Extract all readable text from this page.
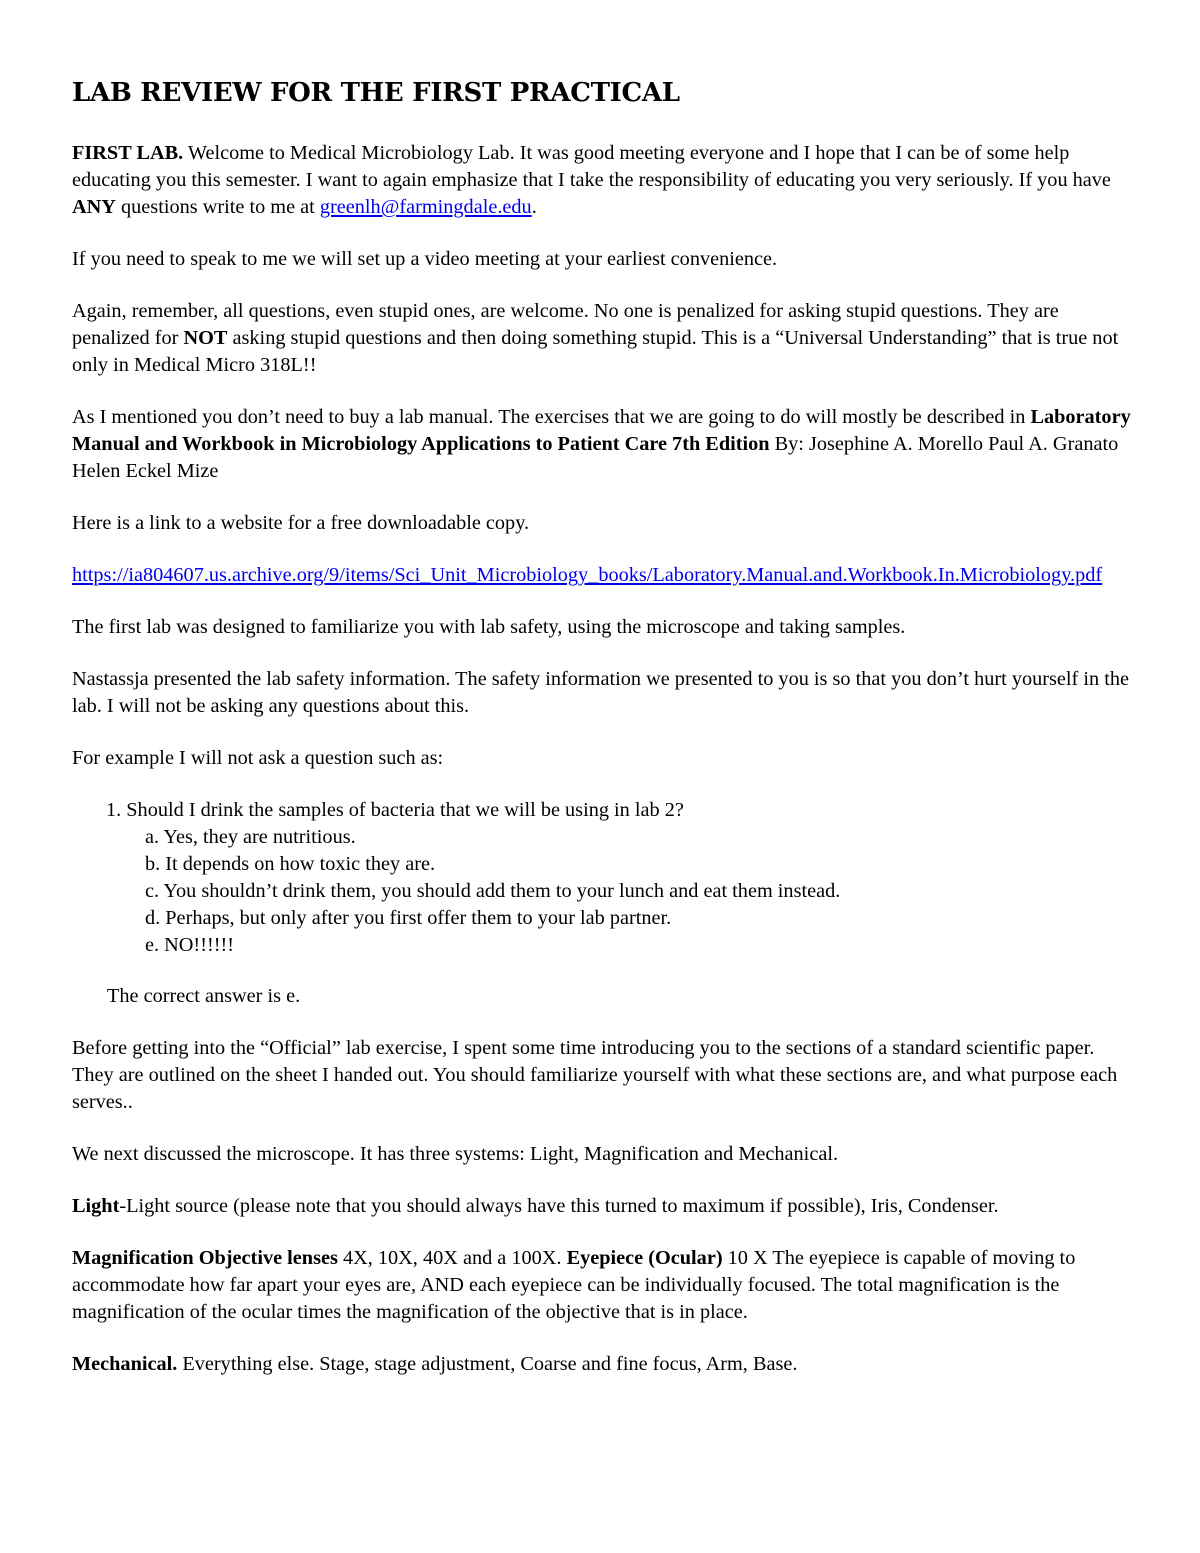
LAB REVIEW FOR THE FIRST PRACTICAL

FIRST LAB. Welcome to Medical Microbiology Lab. It was good meeting everyone and I hope that I can be of some help educating you this semester. I want to again emphasize that I take the responsibility of educating you very seriously. If you have ANY questions write to me at greenlh@farmingdale.edu.

If you need to speak to me we will set up a video meeting at your earliest convenience.

Again, remember, all questions, even stupid ones, are welcome. No one is penalized for asking stupid questions. They are penalized for NOT asking stupid questions and then doing something stupid. This is a “Universal Understanding” that is true not only in Medical Micro 318L!!

As I mentioned you don’t need to buy a lab manual. The exercises that we are going to do will mostly be described in Laboratory Manual and Workbook in Microbiology Applications to Patient Care 7th Edition By: Josephine A. Morello Paul A. Granato Helen Eckel Mize

Here is a link to a website for a free downloadable copy.

https://ia804607.us.archive.org/9/items/Sci_Unit_Microbiology_books/Laboratory.Manual.and.Workbook.In.Microbiology.pdf

The first lab was designed to familiarize you with lab safety, using the microscope and taking samples.

Nastassja presented the lab safety information. The safety information we presented to you is so that you don’t hurt yourself in the lab. I will not be asking any questions about this.

For example I will not ask a question such as:

1. Should I drink the samples of bacteria that we will be using in lab 2?
a. Yes, they are nutritious.
b. It depends on how toxic they are.
c. You shouldn’t drink them, you should add them to your lunch and eat them instead.
d. Perhaps, but only after you first offer them to your lab partner.
e. NO!!!!!!

The correct answer is e.

Before getting into the “Official” lab exercise, I spent some time introducing you to the sections of a standard scientific paper. They are outlined on the sheet I handed out. You should familiarize yourself with what these sections are, and what purpose each serves..

We next discussed the microscope. It has three systems: Light, Magnification and Mechanical.

Light-Light source (please note that you should always have this turned to maximum if possible), Iris, Condenser.

Magnification Objective lenses 4X, 10X, 40X and a 100X. Eyepiece (Ocular) 10 X The eyepiece is capable of moving to accommodate how far apart your eyes are, AND each eyepiece can be individually focused. The total magnification is the magnification of the ocular times the magnification of the objective that is in place.

Mechanical. Everything else. Stage, stage adjustment, Coarse and fine focus, Arm, Base.
